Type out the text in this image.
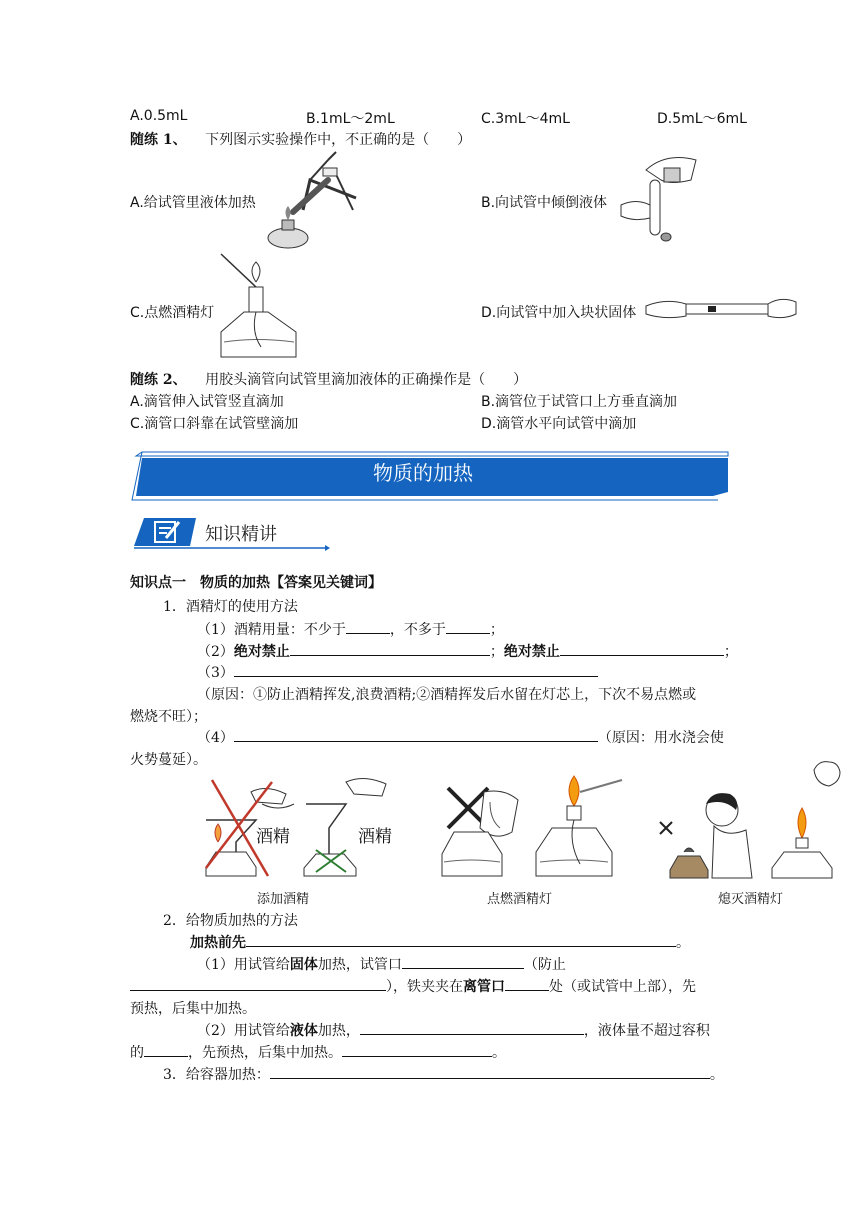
A.0.5mL	B.1mL～2mL	C.3mL～4mL	D.5mL～6mL
随练 1、 下列图示实验操作中，不正确的是（　　）
A.给试管里液体加热	B.向试管中倾倒液体
C.点燃酒精灯	D.向试管中加入块状固体
随练 2、 用胶头滴管向试管里滴加液体的正确操作是（　　）
A.滴管伸入试管竖直滴加	B.滴管位于试管口上方垂直滴加
C.滴管口斜靠在试管壁滴加	D.滴管水平向试管中滴加
物质的加热
知识精讲
知识点一　物质的加热【答案见关键词】
1．酒精灯的使用方法
（1）酒精用量：不少于	，不多于	；
（2）绝对禁止	；绝对禁止	；
（3）
（原因：①防止酒精挥发,浪费酒精;②酒精挥发后水留在灯芯上，下次不易点燃或
燃烧不旺）；
（4）	（原因：用水浇会使
火势蔓延）。
酒精	酒精
添加酒精	点燃酒精灯	熄灭酒精灯
2．给物质加热的方法
加热前先	。
（1）用试管给固体加热，试管口	（防止
），铁夹夹在离管口	处（或试管中上部），先
预热，后集中加热。
（2）用试管给液体加热，	，液体量不超过容积
的	，先预热，后集中加热。	。
3．给容器加热：	。
